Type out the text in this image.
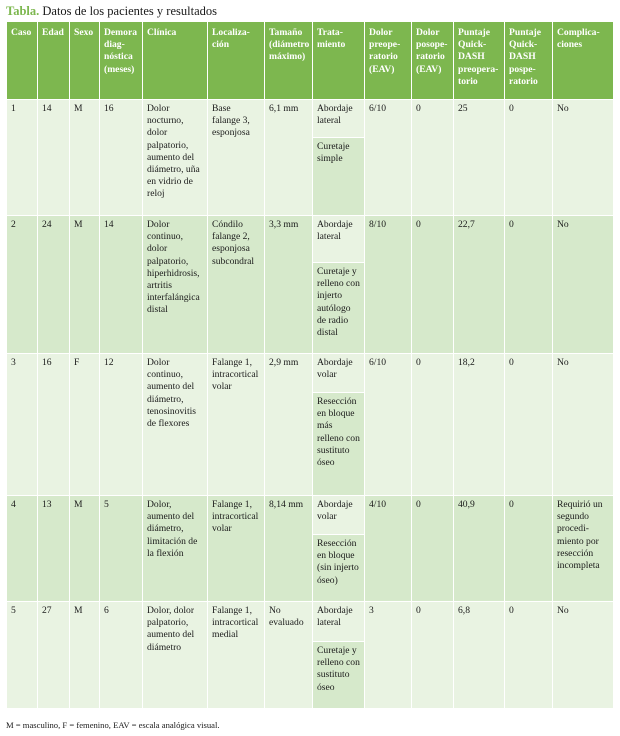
Tabla. Datos de los pacientes y resultados
Caso	Edad	Sexo	Demora diag-nóstica (meses)	Clínica	Localiza-ción	Tamaño (diámetro máximo)	Trata-miento	Dolor preope-ratorio (EAV)	Dolor posope-ratorio (EAV)	Puntaje Quick-DASH preopera-torio	Puntaje Quick-DASH pospe-ratorio	Complica-ciones
1	14	M	16	Dolor nocturno, dolor palpatorio, aumento del diámetro, uña en vidrio de reloj	Base falange 3, esponjosa	6,1 mm	Abordaje lateral	6/10	0	25	0	No
							Curetaje simple					
2	24	M	14	Dolor continuo, dolor palpatorio, hiperhidrosis, artritis interfalángica distal	Cóndilo falange 2, esponjosa subcondral	3,3 mm	Abordaje lateral	8/10	0	22,7	0	No
							Curetaje y relleno con injerto autólogo de radio distal					
3	16	F	12	Dolor continuo, aumento del diámetro, tenosinovitis de flexores	Falange 1, intracortical volar	2,9 mm	Abordaje volar	6/10	0	18,2	0	No
							Resección en bloque más relleno con sustituto óseo					
4	13	M	5	Dolor, aumento del diámetro, limitación de la flexión	Falange 1, intracortical volar	8,14 mm	Abordaje volar	4/10	0	40,9	0	Requirió un segundo procedi-miento por resección incompleta
							Resección en bloque (sin injerto óseo)					
5	27	M	6	Dolor, dolor palpatorio, aumento del diámetro	Falange 1, intracortical medial	No evaluado	Abordaje lateral	3	0	6,8	0	No
							Curetaje y relleno con sustituto óseo					
M = masculino, F = femenino, EAV = escala analógica visual.
